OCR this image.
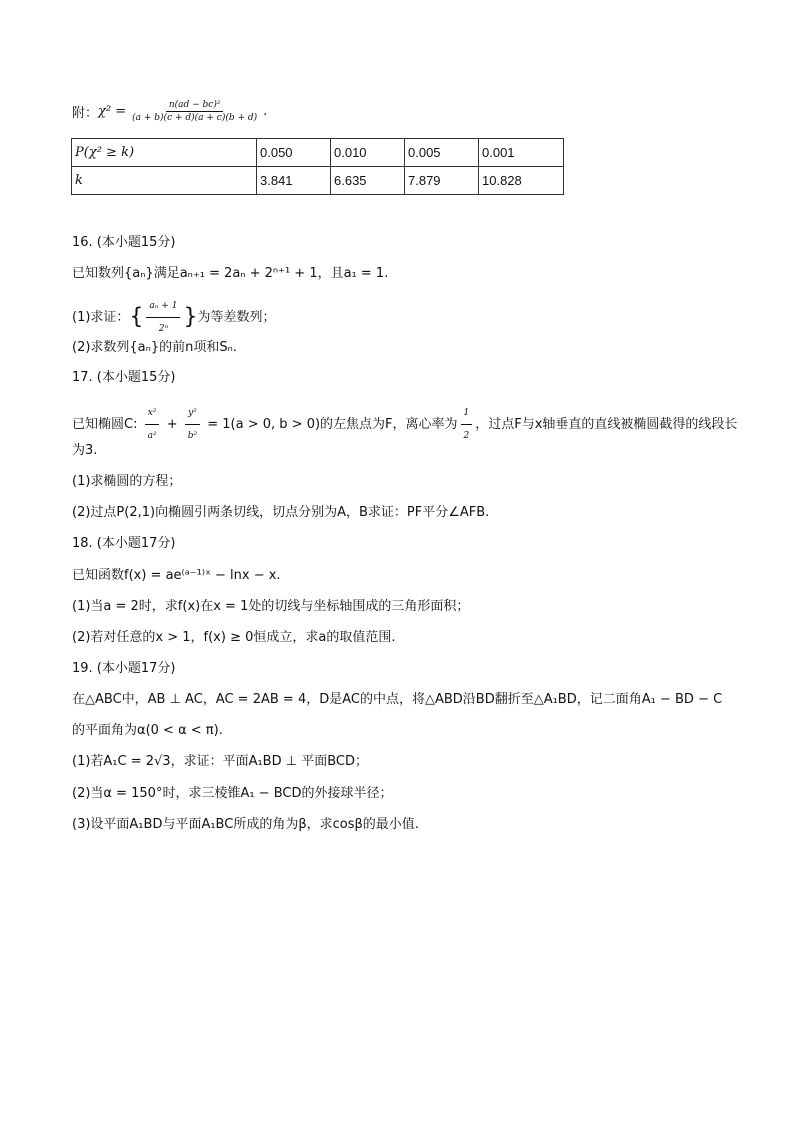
附： $\chi^2 = \frac{\text{n(ad − bc)²}}{(a + b)(c + d)(a + c)(b + d)}$ .
P(χ² ≥ k)	0.050	0.010	0.005	0.001
k	3.841	6.635	7.879	10.828
16. (本小题15分)
已知数列{aₙ}满足aₙ₊₁ = 2aₙ + 2ⁿ⁺¹ + 1，且a₁ = 1.
(1)求证：{ $\frac{\text{aₙ + 1}}{\text{2ⁿ}}$ }为等差数列；
(2)求数列{aₙ}的前n项和Sₙ.
17. (本小题15分)
已知椭圆C: $\frac{\text{x²}}{\text{a²}} + \frac{\text{y²}}{\text{b²}} = 1(a > 0$, b > 0)的左焦点为F，离心率为 $\frac{1}{2}$ ，过点F与x轴垂直的直线被椭圆截得的线段长
为3.
(1)求椭圆的方程；
(2)过点P(2,1)向椭圆引两条切线，切点分别为A，B求证：PF平分∠AFB.
18. (本小题17分)
已知函数f(x) = ae⁽ᵃ⁻¹⁾ˣ − lnx − x.
(1)当a = 2时，求f(x)在x = 1处的切线与坐标轴围成的三角形面积；
(2)若对任意的x > 1，f(x) ≥ 0恒成立，求a的取值范围.
19. (本小题17分)
在△ABC中，AB ⊥ AC，AC = 2AB = 4，D是AC的中点，将△ABD沿BD翻折至△A₁BD，记二面角A₁ − BD − C
的平面角为α(0 < α < π).
(1)若A₁C = 2√3，求证：平面A₁BD ⊥ 平面BCD；
(2)当α = 150°时，求三棱锥A₁ − BCD的外接球半径；
(3)设平面A₁BD与平面A₁BC所成的角为β，求cosβ的最小值.
